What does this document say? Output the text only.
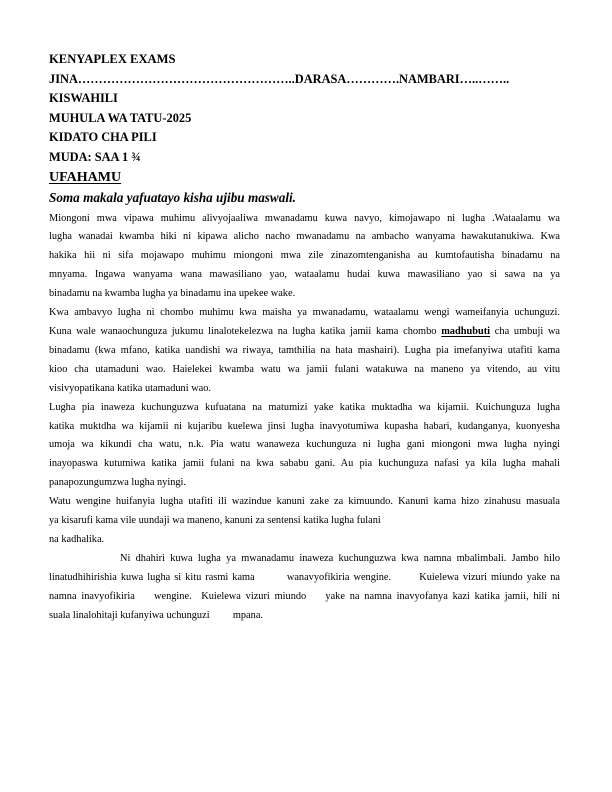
KENYAPLEX EXAMS
JINA……………………………………………..DARASA………….NAMBARI…..……..
KISWAHILI
MUHULA WA TATU-2025
KIDATO CHA PILI
MUDA: SAA 1 ¾
UFAHAMU
Soma makala yafuatayo kisha ujibu maswali.
Miongoni mwa vipawa muhimu alivyojaaliwa mwanadamu kuwa navyo, kimojawapo ni lugha .Wataalamu wa
lugha wanadai kwamba hiki ni kipawa alicho nacho mwanadamu na ambacho wanyama hawakutanukiwa. Kwa
hakika hii ni sifa mojawapo muhimu miongoni mwa zile zinazomtenganisha au kumtofautisha binadamu na
mnyama. Ingawa wanyama wana mawasiliano yao, wataalamu hudai kuwa mawasiliano yao si sawa na ya
binadamu na kwamba lugha ya binadamu ina upekee wake.
Kwa ambavyo lugha ni chombo muhimu kwa maisha ya mwanadamu, wataalamu wengi wameifanyia uchunguzi.
Kuna wale wanaochunguza jukumu linalotekelezwa na lugha katika jamii kama chombo madhubuti cha umbuji wa
binadamu (kwa mfano, katika uandishi wa riwaya, tamthilia na hata mashairi). Lugha pia imefanyiwa utafiti kama
kioo cha utamaduni wao. Haielekei kwamba watu wa jamii fulani watakuwa na maneno ya vitendo, au vitu
visivyopatikana katika utamaduni wao.
Lugha pia inaweza kuchunguzwa kufuatana na matumizi yake katika muktadha wa kijamii. Kuichunguza lugha
katika muktdha wa kijamii ni kujaribu kuelewa jinsi lugha inavyotumiwa kupasha habari, kudanganya, kuonyesha
umoja wa kikundi cha watu, n.k. Pia watu wanaweza kuchunguza ni lugha gani miongoni mwa lugha nyingi
inayopaswa kutumiwa katika jamii fulani na kwa sababu gani. Au pia kuchunguza nafasi ya kila lugha mahali
panapozungumzwa lugha nyingi.
Watu wengine huifanyia lugha utafiti ili wazindue kanuni zake za kimuundo. Kanuni kama hizo zinahusu masuala
ya kisarufi kama vile uundaji wa maneno, kanuni za sentensi katika lugha fulani
na kadhalika.
Ni dhahiri kuwa lugha ya mwanadamu inaweza kuchunguzwa kwa namna mbalimbali. Jambo hilo
linatudhihirishia kuwa lugha si kitu rasmi kama        wanavyofikiria wengine.       Kuielewa vizuri miundo yake na
namna inavyofikiria    wengine.  Kuielewa vizuri miundo    yake na namna inavyofanya kazi katika jamii, hili ni
suala linalohitaji kufanyiwa uchunguzi         mpana.
